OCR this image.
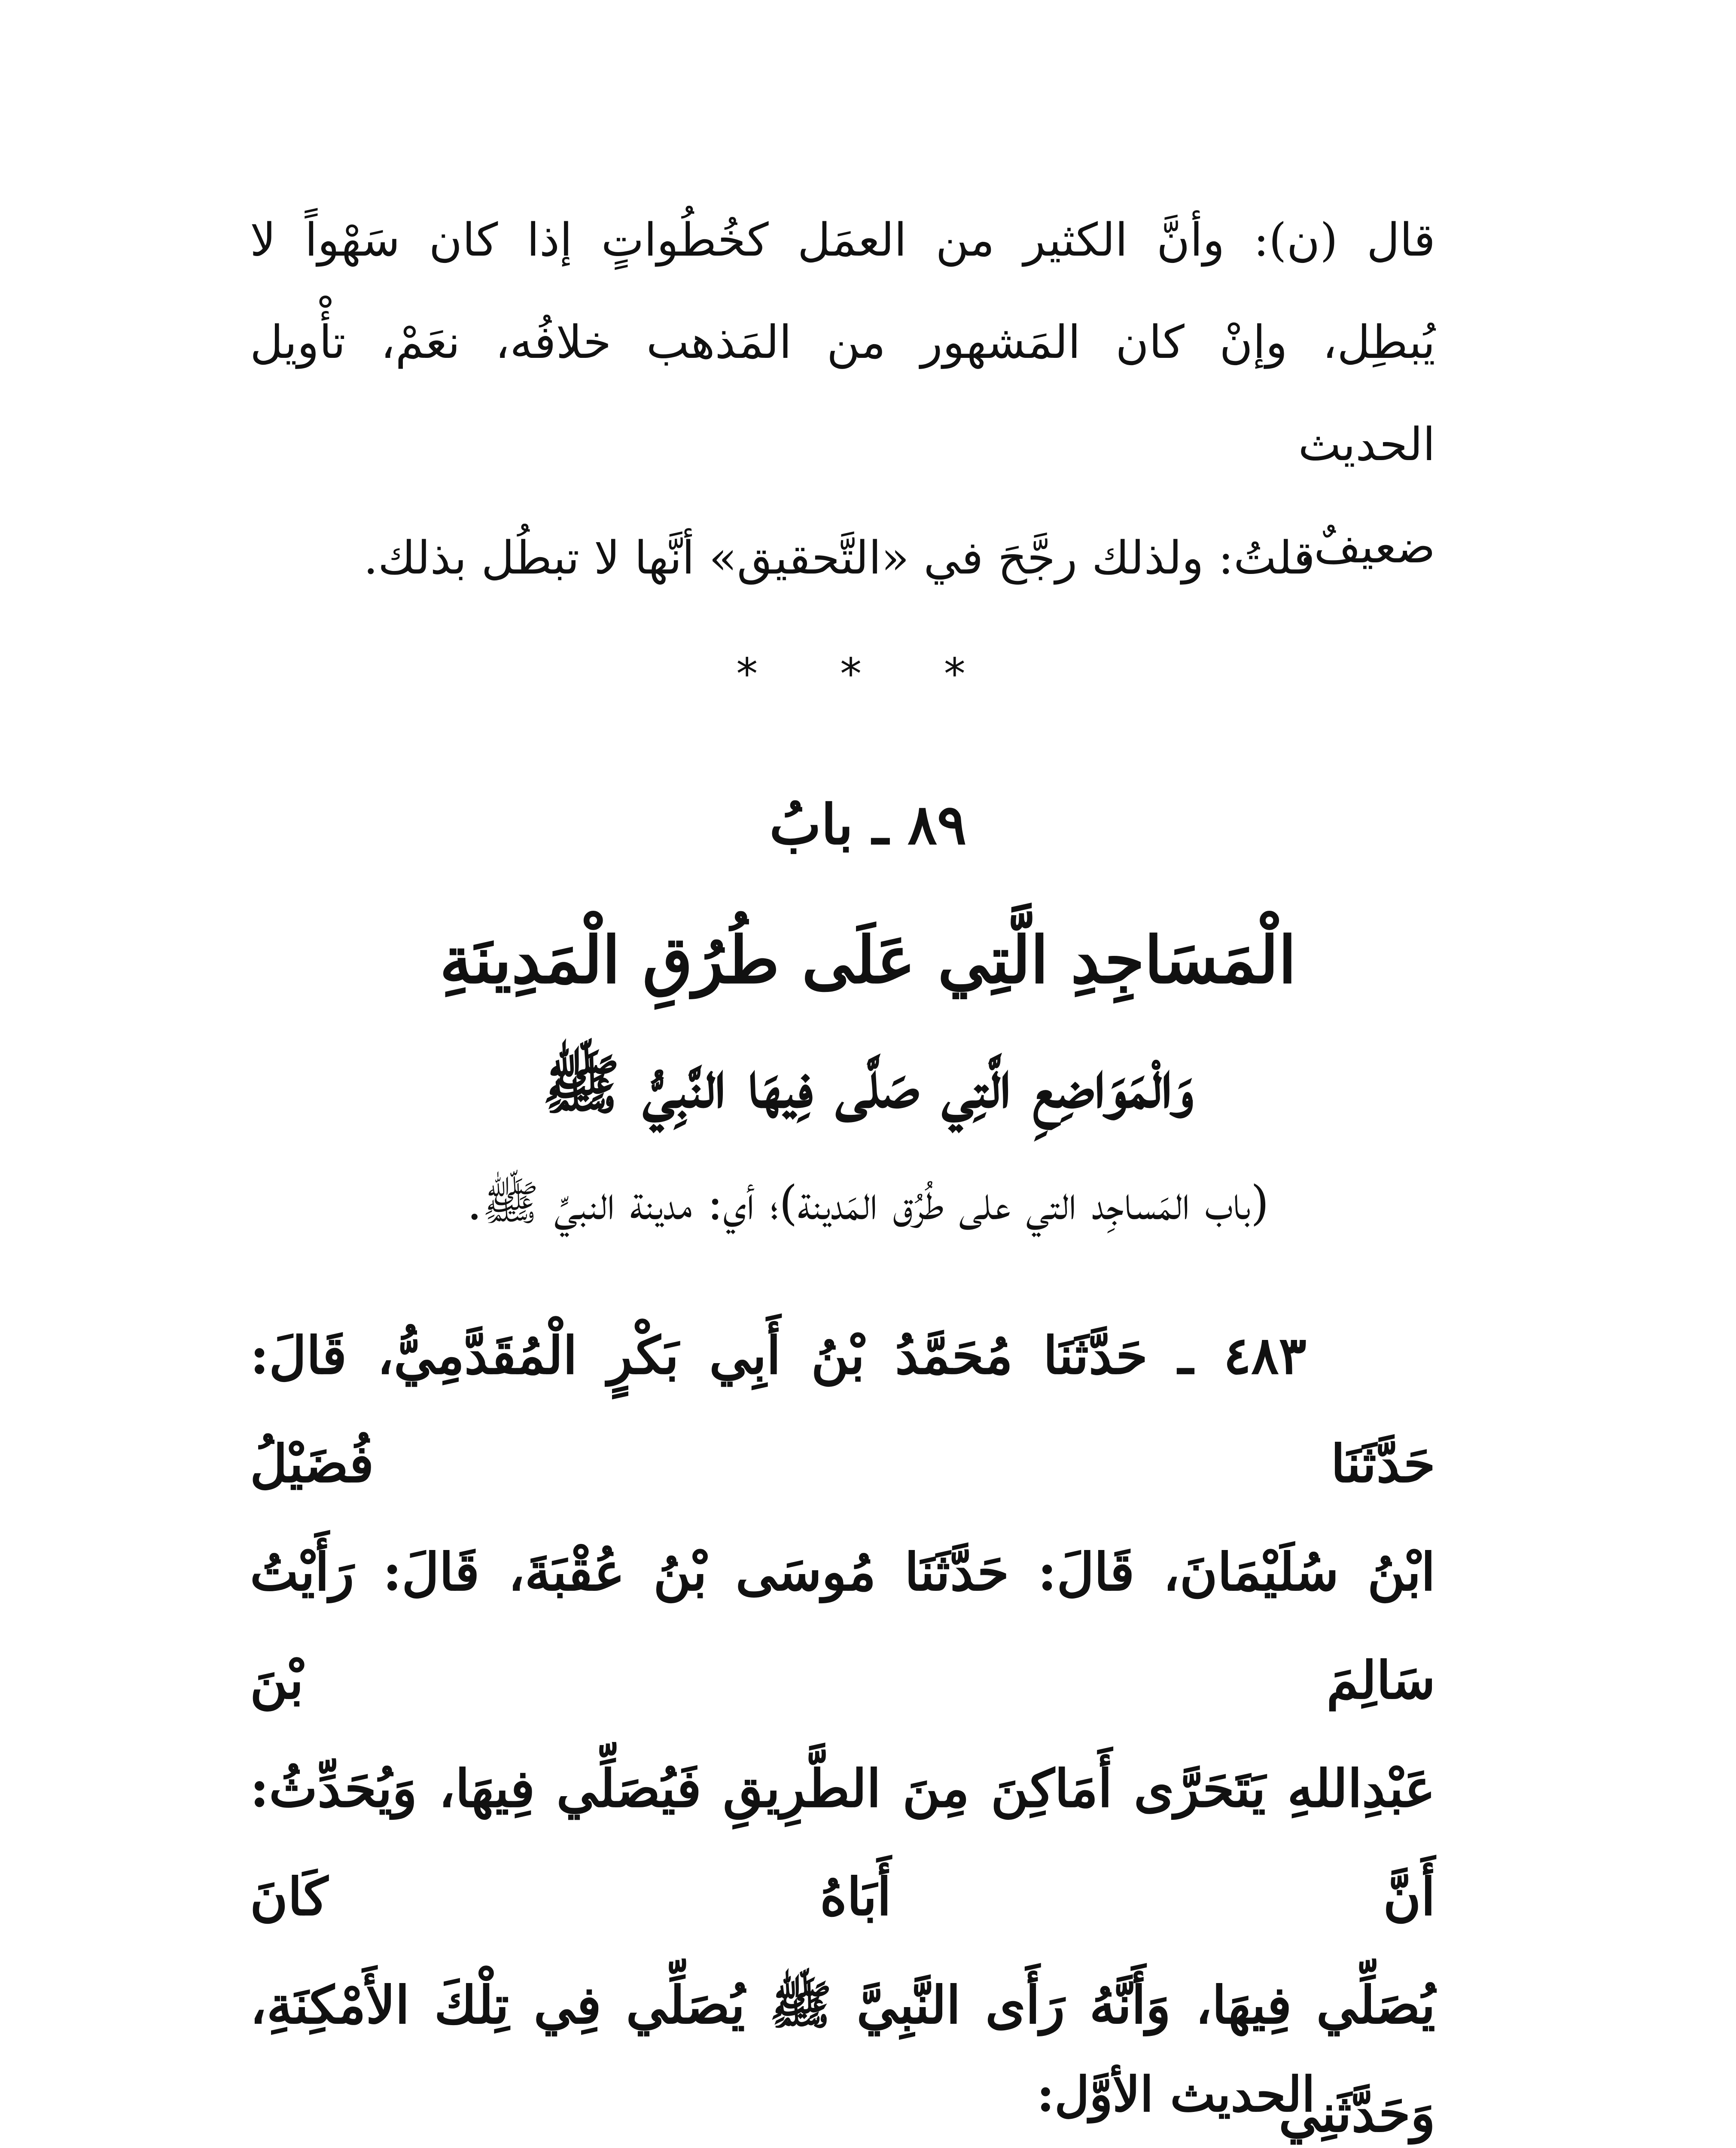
قال (ن): وأنَّ الكثير من العمَل كخُطُواتٍ إذا كان سَهْواً لا
يُبطِل، وإنْ كان المَشهور من المَذهب خلافُه، نعَمْ، تأْويل الحديث
ضعيفٌ.
قلتُ: ولذلك رجَّحَ في «التَّحقيق» أنَّها لا تبطُل بذلك.
* * *
٨٩ ـ بابُ
الْمَسَاجِدِ الَّتِي عَلَى طُرُقِ الْمَدِينَةِ
وَالْمَوَاضِعِ الَّتِي صَلَّى فِيهَا النَّبِيُّ ﷺ
(باب المَساجِد التي على طُرُق المَدينة)؛ أي: مدينة النبيِّ ﷺ.
٤٨٣ ـ حَدَّثَنَا مُحَمَّدُ بْنُ أَبِي بَكْرٍ الْمُقَدَّمِيُّ، قَالَ: حَدَّثَنَا فُضَيْلُ
ابْنُ سُلَيْمَانَ، قَالَ: حَدَّثَنَا مُوسَى بْنُ عُقْبَةَ، قَالَ: رَأَيْتُ سَالِمَ بْنَ
عَبْدِاللهِ يَتَحَرَّى أَمَاكِنَ مِنَ الطَّرِيقِ فَيُصَلِّي فِيهَا، وَيُحَدِّثُ: أَنَّ أَبَاهُ كَانَ
يُصَلِّي فِيهَا، وَأَنَّهُ رَأَى النَّبِيَّ ﷺ يُصَلِّي فِي تِلْكَ الأَمْكِنَةِ، وَحَدَّثَنِي
الحديث الأوَّل:
